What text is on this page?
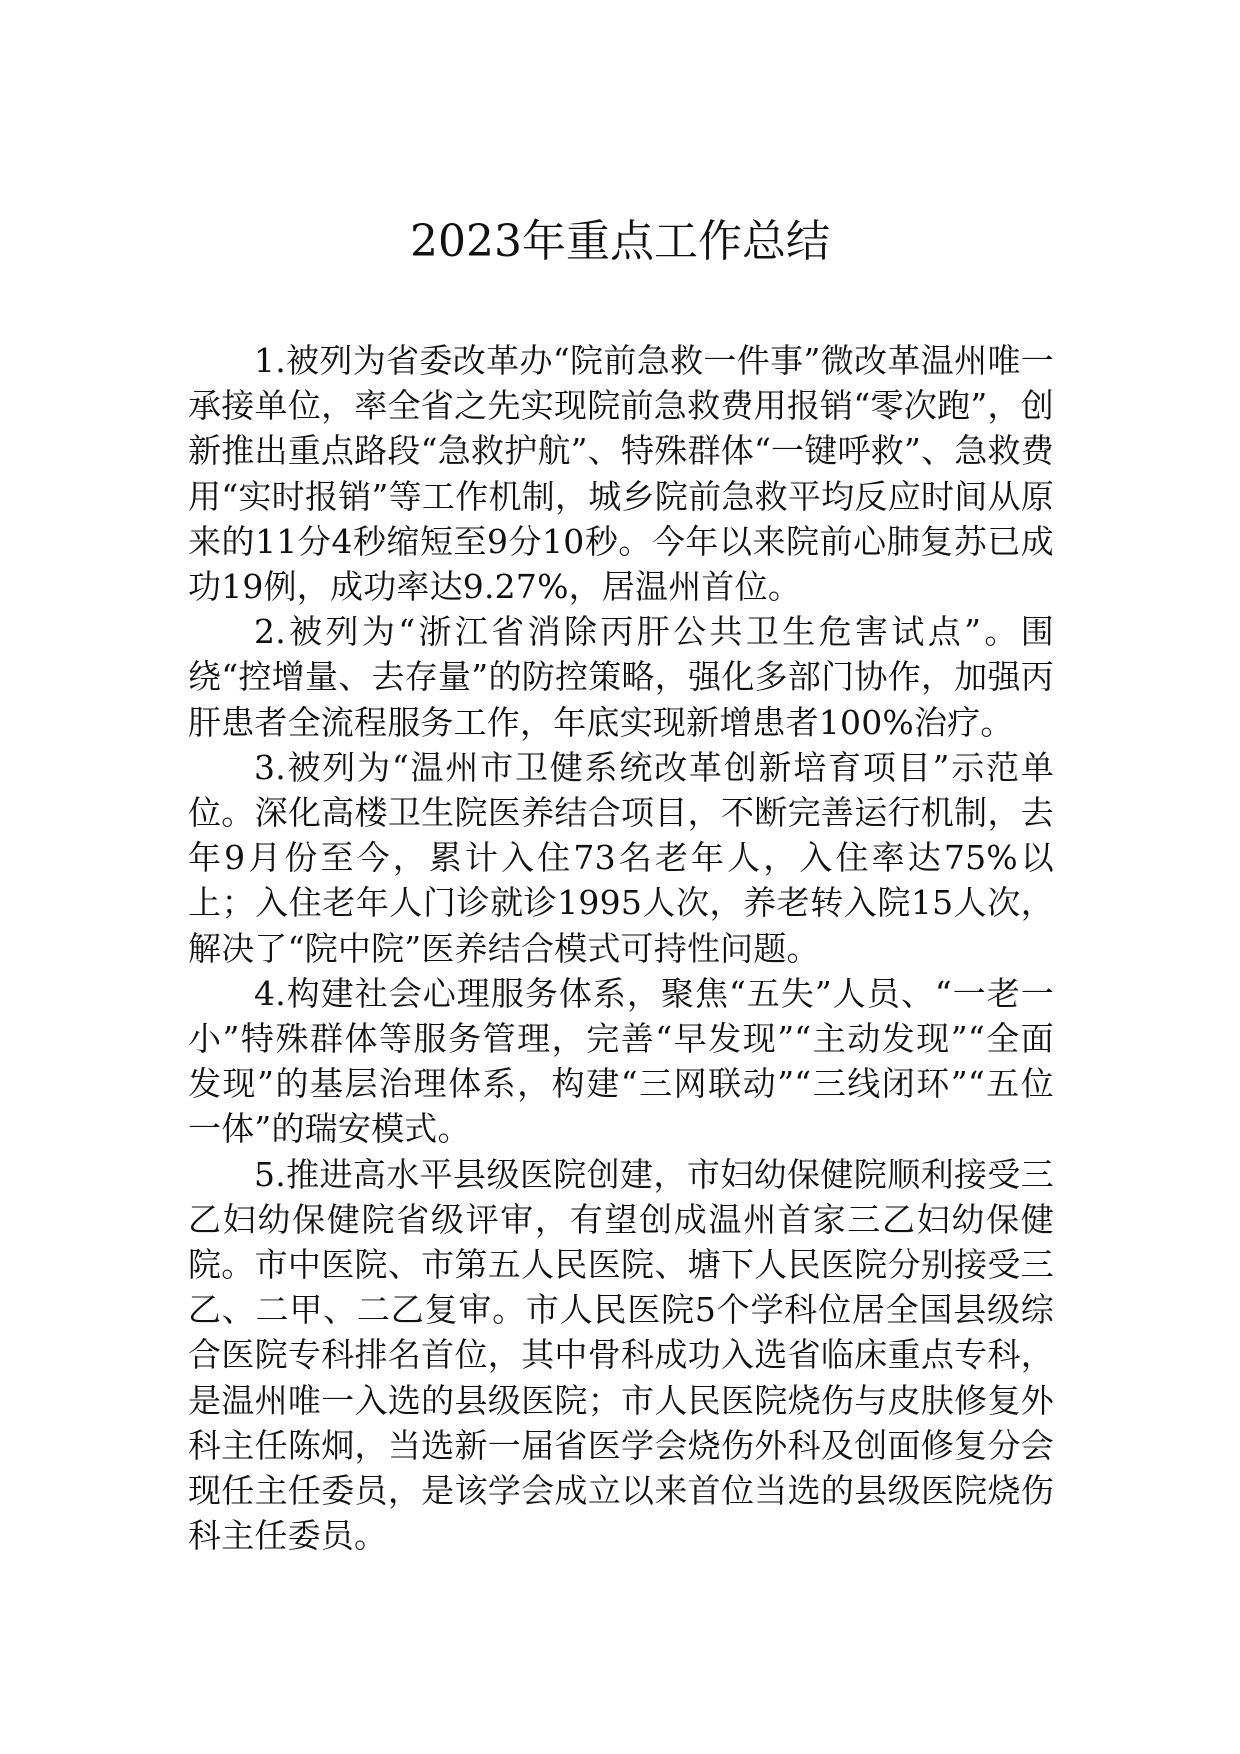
2023年重点工作总结

1.被列为省委改革办“院前急救一件事”微改革温州唯一承接单位，率全省之先实现院前急救费用报销“零次跑”，创新推出重点路段“急救护航”、特殊群体“一键呼救”、急救费用“实时报销”等工作机制，城乡院前急救平均反应时间从原来的11分4秒缩短至9分10秒。今年以来院前心肺复苏已成功19例，成功率达9.27%，居温州首位。

2.被列为“浙江省消除丙肝公共卫生危害试点”。围绕“控增量、去存量”的防控策略，强化多部门协作，加强丙肝患者全流程服务工作，年底实现新增患者100%治疗。

3.被列为“温州市卫健系统改革创新培育项目”示范单位。深化高楼卫生院医养结合项目，不断完善运行机制，去年9月份至今，累计入住73名老年人，入住率达75%以上；入住老年人门诊就诊1995人次，养老转入院15人次，解决了“院中院”医养结合模式可持性问题。

4.构建社会心理服务体系，聚焦“五失”人员、“一老一小”特殊群体等服务管理，完善“早发现”“主动发现”“全面发现”的基层治理体系，构建“三网联动”“三线闭环”“五位一体”的瑞安模式。

5.推进高水平县级医院创建，市妇幼保健院顺利接受三乙妇幼保健院省级评审，有望创成温州首家三乙妇幼保健院。市中医院、市第五人民医院、塘下人民医院分别接受三乙、二甲、二乙复审。市人民医院5个学科位居全国县级综合医院专科排名首位，其中骨科成功入选省临床重点专科，是温州唯一入选的县级医院；市人民医院烧伤与皮肤修复外科主任陈炯，当选新一届省医学会烧伤外科及创面修复分会现任主任委员，是该学会成立以来首位当选的县级医院烧伤科主任委员。
